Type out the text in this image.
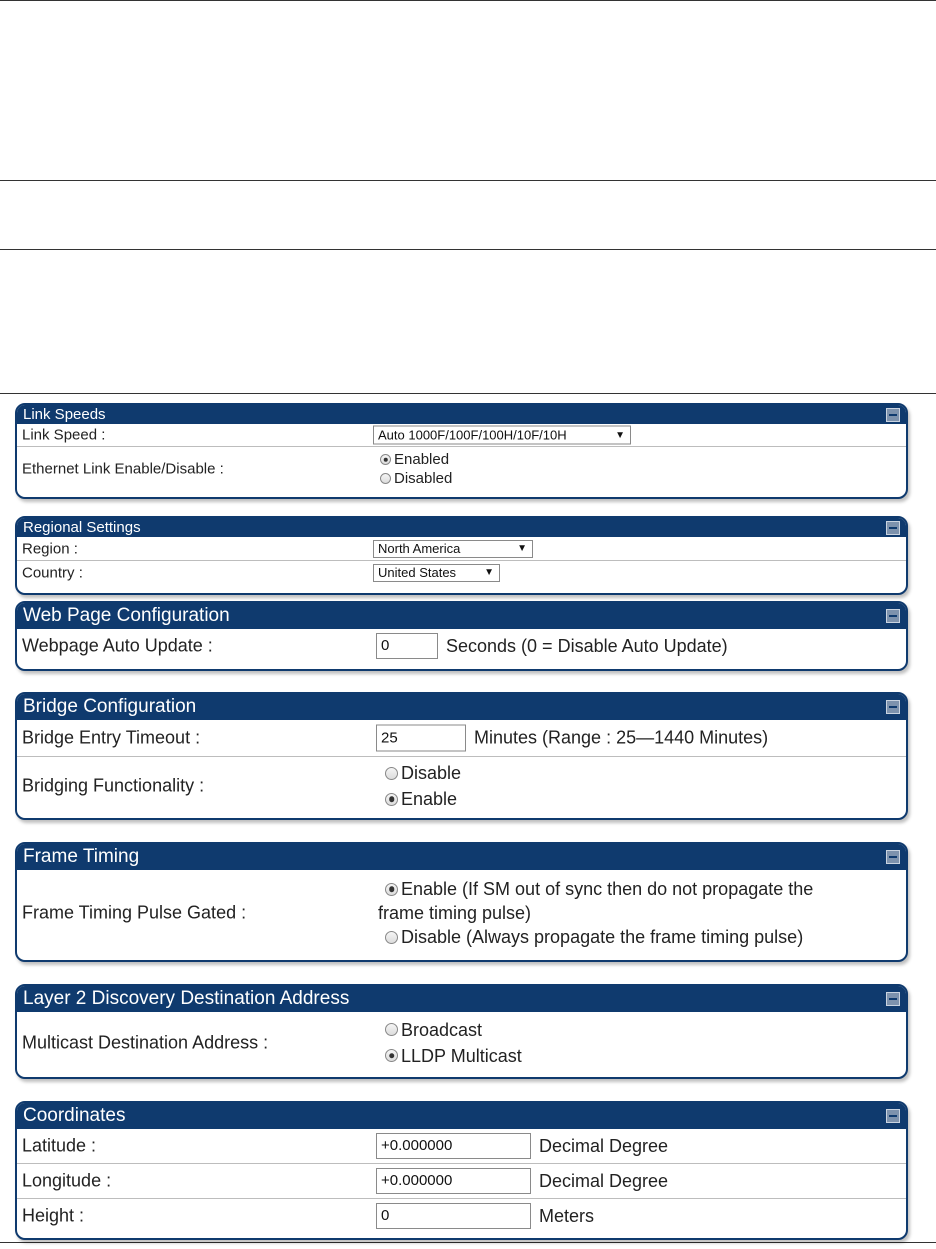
Link Speeds
Link Speed :	Auto 1000F/100F/100H/10F/10H	▼
Ethernet Link Enable/Disable :
Enabled
Disabled
Regional Settings
Region :	North America	▼
Country :	United States	▼
Web Page Configuration
Webpage Auto Update :	0	Seconds (0 = Disable Auto Update)
Bridge Configuration
Bridge Entry Timeout :	25	Minutes (Range : 25—1440 Minutes)
Bridging Functionality :
Disable
Enable
Frame Timing
Frame Timing Pulse Gated :
Enable (If SM out of sync then do not propagate the
frame timing pulse)
Disable (Always propagate the frame timing pulse)
Layer 2 Discovery Destination Address
Multicast Destination Address :
Broadcast
LLDP Multicast
Coordinates
Latitude :	+0.000000	Decimal Degree
Longitude :	+0.000000	Decimal Degree
Height :	0	Meters
